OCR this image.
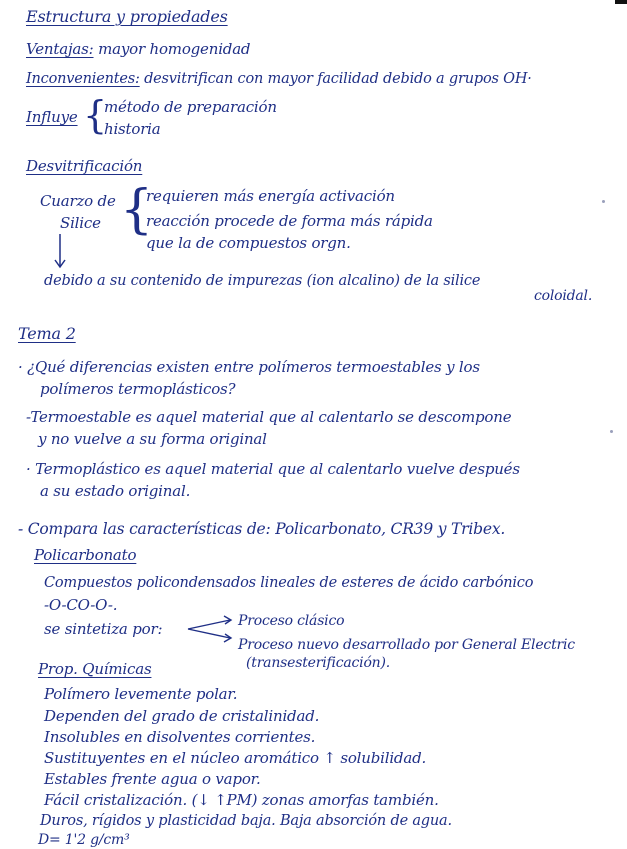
Estructura y propiedades
Ventajas: mayor homogenidad
Inconvenientes: desvitrifican con mayor facilidad debido a grupos OH·
Influye {
método de preparación
historia
Desvitrificación
Cuarzo de
Silice {
requieren más energía activación
reacción procede de forma más rápida
que la de compuestos orgn.
debido a su contenido de impurezas (ion alcalino) de la silice
coloidal.
Tema 2
· ¿Qué diferencias existen entre polímeros termoestables y los
polímeros termoplásticos?
-Termoestable es aquel material que al calentarlo se descompone
y no vuelve a su forma original
· Termoplástico es aquel material que al calentarlo vuelve después
a su estado original.
- Compara las características de: Policarbonato, CR39 y Tribex.
Policarbonato
Compuestos policondensados lineales de esteres de ácido carbónico
-O-CO-O-.
se sintetiza por:	Proceso clásico
Proceso nuevo desarrollado por General Electric
(transesterificación).
Prop. Químicas
Polímero levemente polar.
Dependen del grado de cristalinidad.
Insolubles en disolventes corrientes.
Sustituyentes en el núcleo aromático ↑ solubilidad.
Estables frente agua o vapor.
Fácil cristalización. (↓ ↑PM) zonas amorfas también.
Duros, rígidos y plasticidad baja. Baja absorción de agua.
D= 1'2 g/cm³
